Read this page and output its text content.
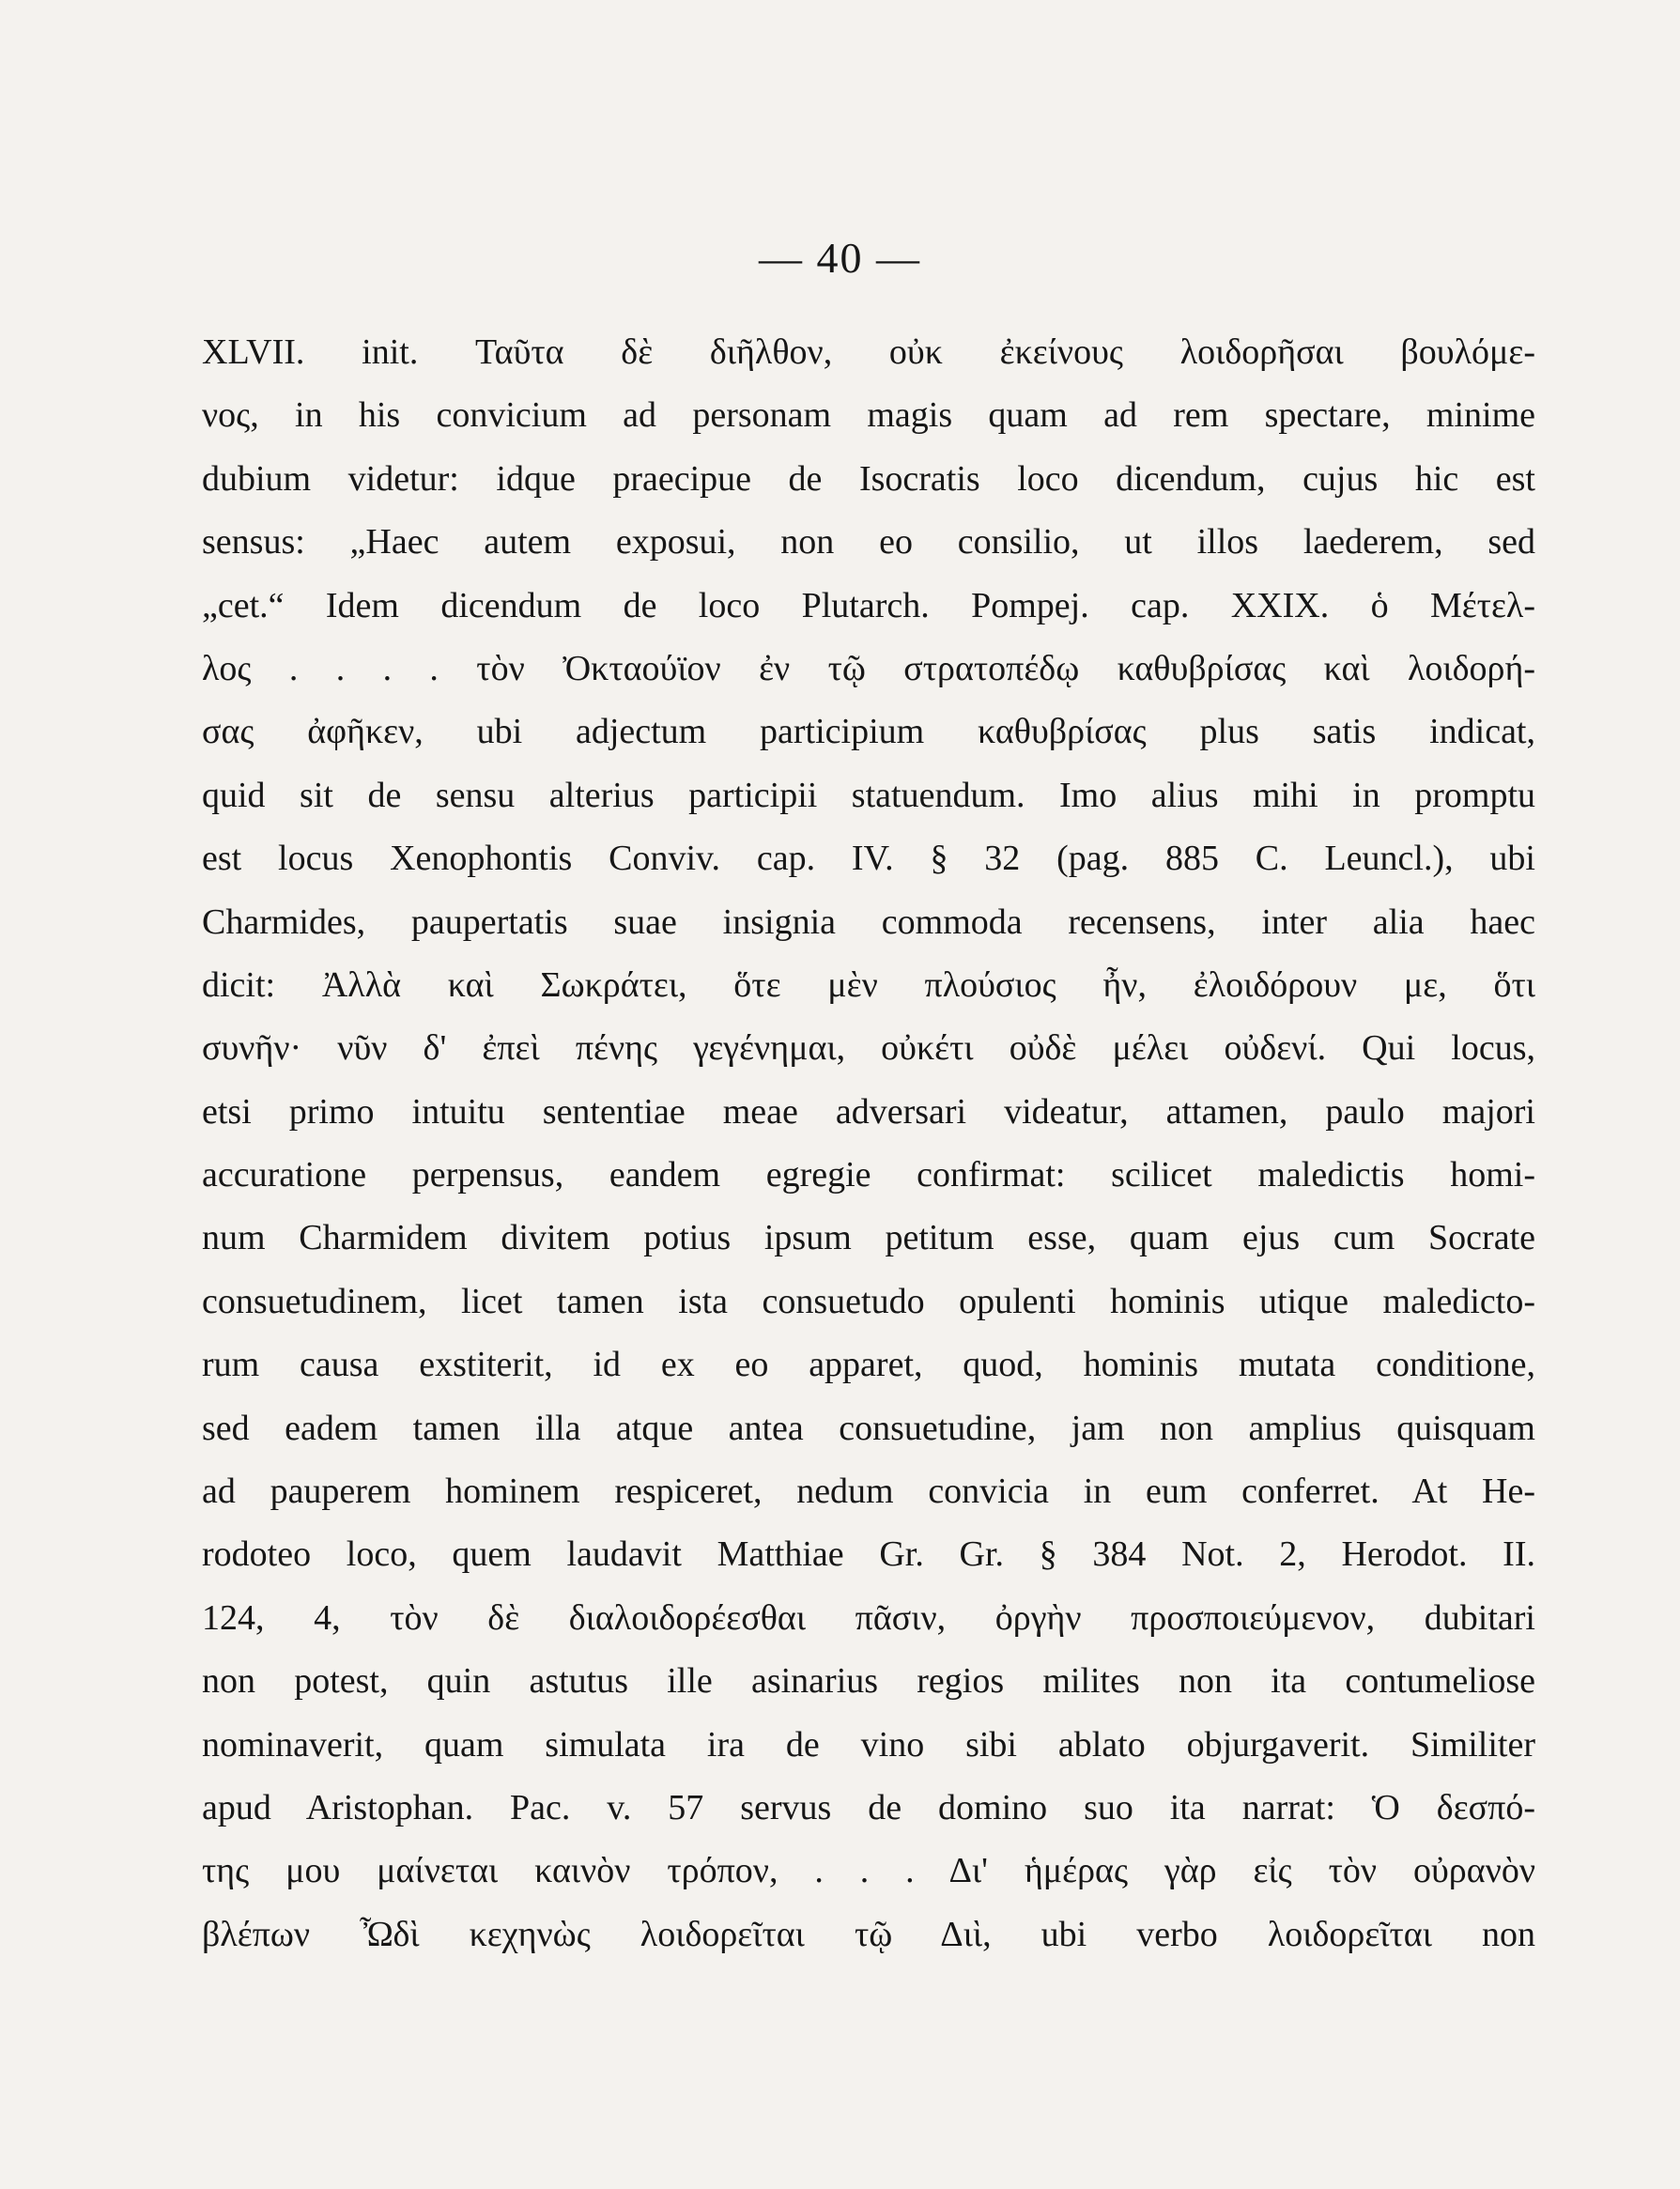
— 40 —
XLVII. init. Ταῦτα δὲ διῆλθον, οὐκ ἐκείνους λοιδορῆσαι βουλόμε-
νος, in his convicium ad personam magis quam ad rem spectare, minime
dubium videtur: idque praecipue de Isocratis loco dicendum, cujus hic est
sensus: „Haec autem exposui, non eo consilio, ut illos laederem, sed
„cet.“ Idem dicendum de loco Plutarch. Pompej. cap. XXIX. ὁ Μέτελ-
λος . . . . τὸν Ὀκταούϊον ἐν τῷ στρατοπέδῳ καθυβρίσας καὶ λοιδορή-
σας ἀφῆκεν, ubi adjectum participium καθυβρίσας plus satis indicat,
quid sit de sensu alterius participii statuendum. Imo alius mihi in promptu
est locus Xenophontis Conviv. cap. IV. § 32 (pag. 885 C. Leuncl.), ubi
Charmides, paupertatis suae insignia commoda recensens, inter alia haec
dicit: Ἀλλὰ καὶ Σωκράτει, ὅτε μὲν πλούσιος ἦν, ἐλοιδόρουν με, ὅτι
συνῆν· νῦν δ' ἐπεὶ πένης γεγένημαι, οὐκέτι οὐδὲ μέλει οὐδενί. Qui locus,
etsi primo intuitu sententiae meae adversari videatur, attamen, paulo majori
accuratione perpensus, eandem egregie confirmat: scilicet maledictis homi-
num Charmidem divitem potius ipsum petitum esse, quam ejus cum Socrate
consuetudinem, licet tamen ista consuetudo opulenti hominis utique maledicto-
rum causa exstiterit, id ex eo apparet, quod, hominis mutata conditione,
sed eadem tamen illa atque antea consuetudine, jam non amplius quisquam
ad pauperem hominem respiceret, nedum convicia in eum conferret. At He-
rodoteo loco, quem laudavit Matthiae Gr. Gr. § 384 Not. 2, Herodot. II.
124, 4, τὸν δὲ διαλοιδορέεσθαι πᾶσιν, ὀργὴν προσποιεύμενον, dubitari
non potest, quin astutus ille asinarius regios milites non ita contumeliose
nominaverit, quam simulata ira de vino sibi ablato objurgaverit. Similiter
apud Aristophan. Pac. v. 57 servus de domino suo ita narrat: Ὁ δεσπό-
της μου μαίνεται καινὸν τρόπον, . . . Δι' ἡμέρας γὰρ εἰς τὸν οὐρανὸν
βλέπων Ὦδὶ κεχηνὼς λοιδορεῖται τῷ Διὶ, ubi verbo λοιδορεῖται non
